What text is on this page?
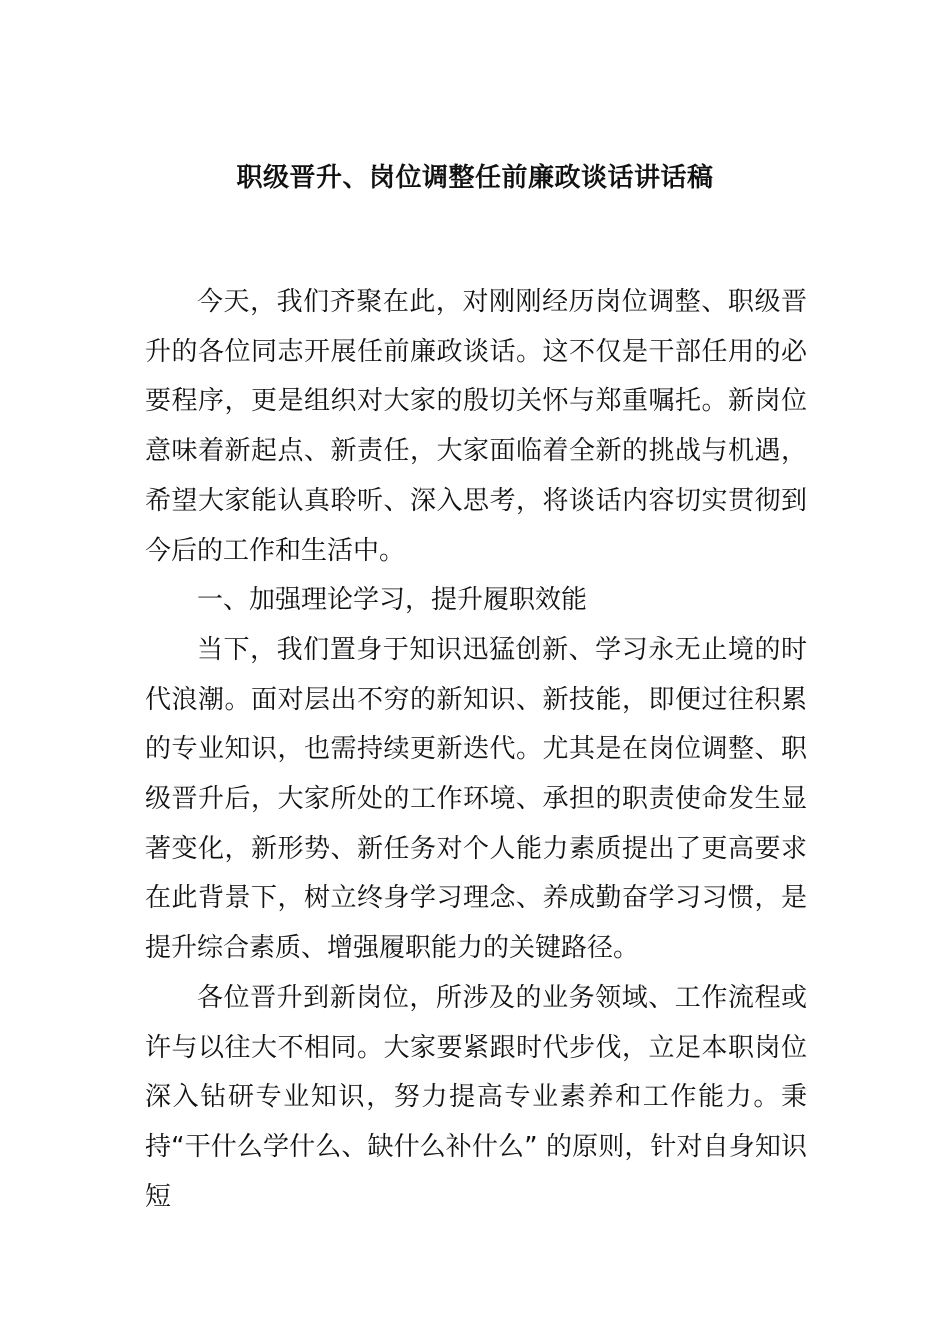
职级晋升、岗位调整任前廉政谈话讲话稿

今天，我们齐聚在此，对刚刚经历岗位调整、职级晋升的各位同志开展任前廉政谈话。这不仅是干部任用的必要程序，更是组织对大家的殷切关怀与郑重嘱托。新岗位意味着新起点、新责任，大家面临着全新的挑战与机遇，希望大家能认真聆听、深入思考，将谈话内容切实贯彻到今后的工作和生活中。

一、加强理论学习，提升履职效能

当下，我们置身于知识迅猛创新、学习永无止境的时代浪潮。面对层出不穷的新知识、新技能，即便过往积累的专业知识，也需持续更新迭代。尤其是在岗位调整、职级晋升后，大家所处的工作环境、承担的职责使命发生显著变化，新形势、新任务对个人能力素质提出了更高要求在此背景下，树立终身学习理念、养成勤奋学习习惯，是提升综合素质、增强履职能力的关键路径。

各位晋升到新岗位，所涉及的业务领域、工作流程或许与以往大不相同。大家要紧跟时代步伐，立足本职岗位深入钻研专业知识，努力提高专业素养和工作能力。秉持“干什么学什么、缺什么补什么” 的原则，针对自身知识短
